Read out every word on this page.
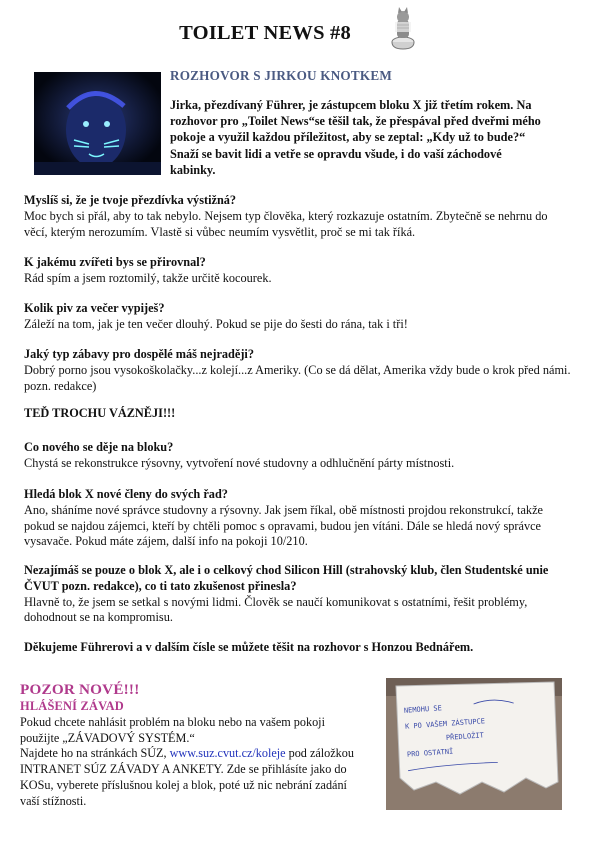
TOILET NEWS #8
ROZHOVOR S JIRKOU KNOTKEM
Jirka, přezdívaný Führer, je zástupcem bloku X již třetím rokem. Na rozhovor pro „Toilet News“se těšil tak, že přespával před dveřmi mého pokoje a využil každou příležitost, aby se zeptal: „Kdy už to bude?“ Snaží se bavit lidi a vetře se opravdu všude, i do vaší záchodové kabinky.
Myslíš si, že je tvoje přezdívka výstižná?
Moc bych si přál, aby to tak nebylo. Nejsem typ člověka, který rozkazuje ostatním. Zbytečně se nehrnu do věcí, kterým nerozumím. Vlastě si vůbec neumím vysvětlit, proč se mi tak říká.
K jakému zvířeti bys se přirovnal?
Rád spím a jsem roztomilý, takže určitě kocourek.
Kolik piv za večer vypiješ?
Záleží na tom, jak je ten večer dlouhý. Pokud se pije do šesti do rána, tak i tři!
Jaký typ zábavy pro dospělé máš nejraději?
Dobrý porno jsou vysokoškolačky...z kolejí...z Ameriky. (Co se dá dělat, Amerika vždy bude o krok před námi. pozn. redakce)
TEĎ TROCHU VÁZNĚJI!!!
Co nového se děje na bloku?
Chystá se rekonstrukce rýsovny, vytvoření nové studovny a odhlučnění párty místnosti.
Hledá blok X nové členy do svých řad?
Ano, sháníme nové správce studovny a rýsovny. Jak jsem říkal, obě místnosti projdou rekonstrukcí, takže pokud se najdou zájemci, kteří by chtěli pomoc s opravami, budou jen vítáni. Dále se hledá nový správce vysavače. Pokud máte zájem, další info na pokoji 10/210.
Nezajímáš se pouze o blok X, ale i o celkový chod Silicon Hill (strahovský klub, člen Studentské unie ČVUT pozn. redakce), co ti tato zkušenost přinesla?
Hlavně to, že jsem se setkal s novými lidmi. Člověk se naučí komunikovat s ostatními, řešit problémy, dohodnout se na kompromisu.
Děkujeme Führerovi a v dalším čísle se můžete těšit na rozhovor s Honzou Bednářem.
POZOR NOVÉ!!!
HLÁŠENÍ ZÁVAD
Pokud chcete nahlásit problém na bloku nebo na vašem pokoji použijte „ZÁVADOVÝ SYSTÉM.“
Najdete ho na stránkách SÚZ, www.suz.cvut.cz/koleje pod záložkou INTRANET SÚZ ZÁVADY A ANKETY. Zde se přihlásíte jako do KOSu, vyberete příslušnou kolej a blok, poté už nic nebrání zadání vaší stížnosti.
NEMOHU SE
K PO VAŠEM ZÁSTUPCE
PŘEDLOŽIT
PRO OSTATNÍ
